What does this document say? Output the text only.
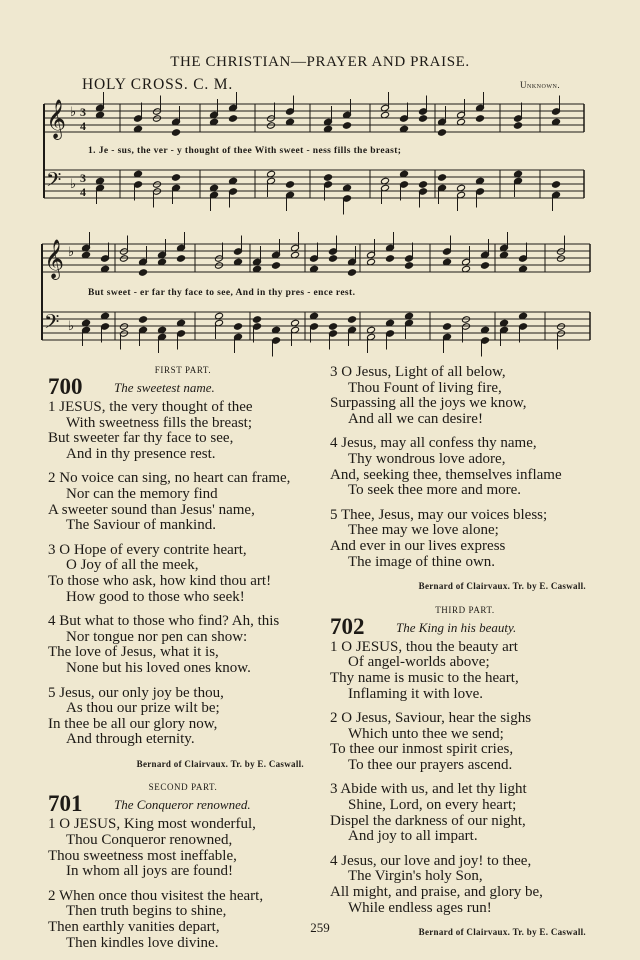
THE CHRISTIAN—PRAYER AND PRAISE.
HOLY CROSS. C. M.	Unknown.
𝄞 ♭ 3
4
𝄢 ♭ 3
4
𝄞 ♭
𝄢 ♭
1. Je - sus, the ver - y thought of thee With sweet - ness fills the breast;
But sweet - er far thy face to see, And in thy pres - ence rest.
FIRST PART.
700 The sweetest name.
1 JESUS, the very thought of thee
With sweetness fills the breast;
But sweeter far thy face to see,
And in thy presence rest.
2 No voice can sing, no heart can frame,
Nor can the memory find
A sweeter sound than Jesus' name,
The Saviour of mankind.
3 O Hope of every contrite heart,
O Joy of all the meek,
To those who ask, how kind thou art!
How good to those who seek!
4 But what to those who find? Ah, this
Nor tongue nor pen can show:
The love of Jesus, what it is,
None but his loved ones know.
5 Jesus, our only joy be thou,
As thou our prize wilt be;
In thee be all our glory now,
And through eternity.
Bernard of Clairvaux. Tr. by E. Caswall.
SECOND PART.
701 The Conqueror renowned.
1 O JESUS, King most wonderful,
Thou Conqueror renowned,
Thou sweetness most ineffable,
In whom all joys are found!
2 When once thou visitest the heart,
Then truth begins to shine,
Then earthly vanities depart,
Then kindles love divine.
3 O Jesus, Light of all below,
Thou Fount of living fire,
Surpassing all the joys we know,
And all we can desire!
4 Jesus, may all confess thy name,
Thy wondrous love adore,
And, seeking thee, themselves inflame
To seek thee more and more.
5 Thee, Jesus, may our voices bless;
Thee may we love alone;
And ever in our lives express
The image of thine own.
Bernard of Clairvaux. Tr. by E. Caswall.
THIRD PART.
702 The King in his beauty.
1 O JESUS, thou the beauty art
Of angel-worlds above;
Thy name is music to the heart,
Inflaming it with love.
2 O Jesus, Saviour, hear the sighs
Which unto thee we send;
To thee our inmost spirit cries,
To thee our prayers ascend.
3 Abide with us, and let thy light
Shine, Lord, on every heart;
Dispel the darkness of our night,
And joy to all impart.
4 Jesus, our love and joy! to thee,
The Virgin's holy Son,
All might, and praise, and glory be,
While endless ages run!
Bernard of Clairvaux. Tr. by E. Caswall.
259
